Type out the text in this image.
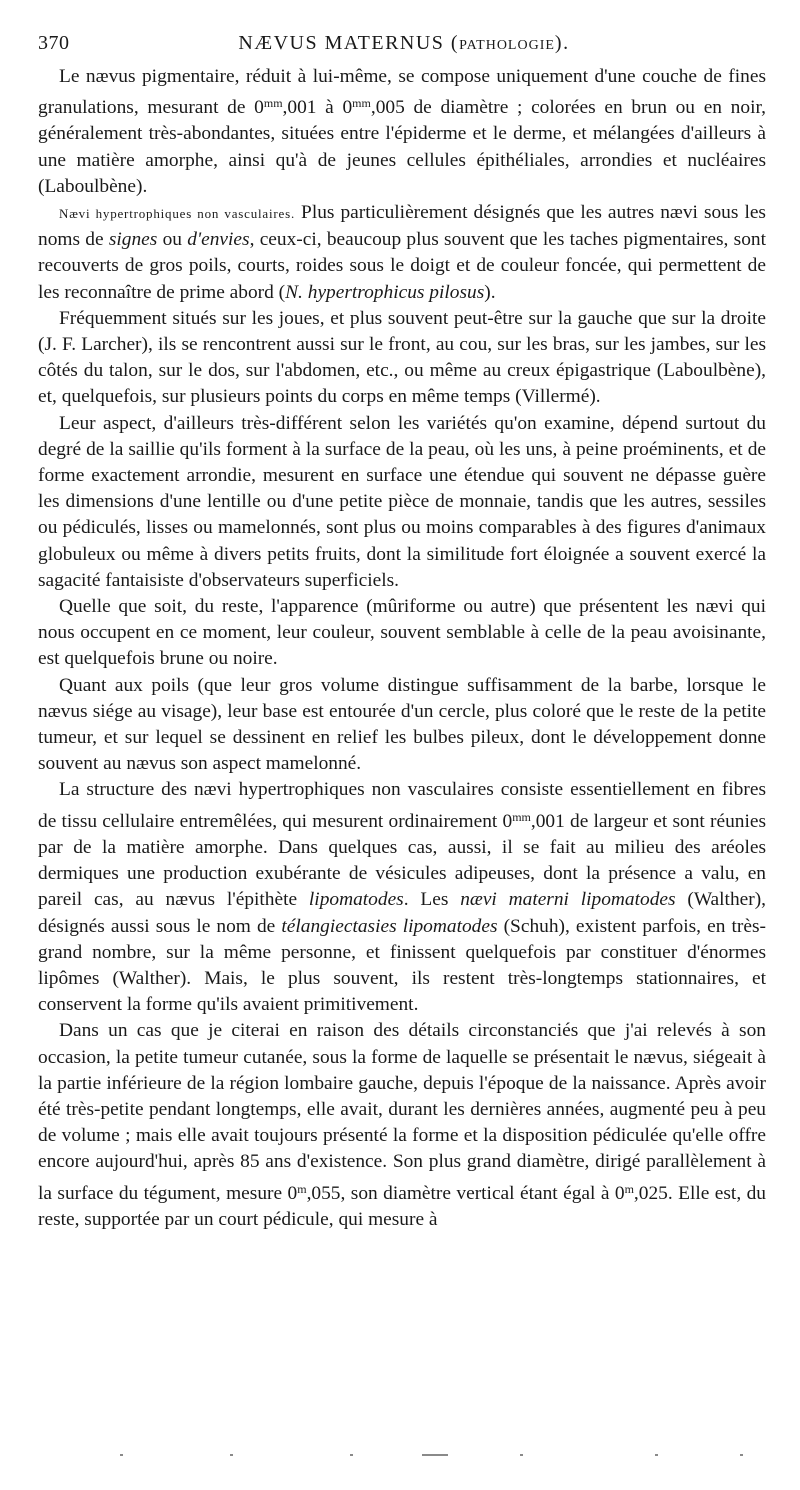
370	NÆVUS MATERNUS (PATHOLOGIE).

Le nævus pigmentaire, réduit à lui-même, se compose uniquement d'une couche de fines granulations, mesurant de $0^{mm},001$ à $0^{mm},005$ de diamètre ; colorées en brun ou en noir, généralement très-abondantes, situées entre l'épiderme et le derme, et mélangées d'ailleurs à une matière amorphe, ainsi qu'à de jeunes cellules épithéliales, arrondies et nucléaires (Laboulbène).

Nævi hypertrophiques non vasculaires. Plus particulièrement désignés que les autres nævi sous les noms de signes ou d'envies, ceux-ci, beaucoup plus souvent que les taches pigmentaires, sont recouverts de gros poils, courts, roides sous le doigt et de couleur foncée, qui permettent de les reconnaître de prime abord (N. hypertrophicus pilosus).

Fréquemment situés sur les joues, et plus souvent peut-être sur la gauche que sur la droite (J. F. Larcher), ils se rencontrent aussi sur le front, au cou, sur les bras, sur les jambes, sur les côtés du talon, sur le dos, sur l'abdomen, etc., ou même au creux épigastrique (Laboulbène), et, quelquefois, sur plusieurs points du corps en même temps (Villermé).

Leur aspect, d'ailleurs très-différent selon les variétés qu'on examine, dépend surtout du degré de la saillie qu'ils forment à la surface de la peau, où les uns, à peine proéminents, et de forme exactement arrondie, mesurent en surface une étendue qui souvent ne dépasse guère les dimensions d'une lentille ou d'une petite pièce de monnaie, tandis que les autres, sessiles ou pédiculés, lisses ou mamelonnés, sont plus ou moins comparables à des figures d'animaux globuleux ou même à divers petits fruits, dont la similitude fort éloignée a souvent exercé la sagacité fantaisiste d'observateurs superficiels.

Quelle que soit, du reste, l'apparence (mûriforme ou autre) que présentent les nævi qui nous occupent en ce moment, leur couleur, souvent semblable à celle de la peau avoisinante, est quelquefois brune ou noire.

Quant aux poils (que leur gros volume distingue suffisamment de la barbe, lorsque le nævus siége au visage), leur base est entourée d'un cercle, plus coloré que le reste de la petite tumeur, et sur lequel se dessinent en relief les bulbes pileux, dont le développement donne souvent au nævus son aspect mamelonné.

La structure des nævi hypertrophiques non vasculaires consiste essentiellement en fibres de tissu cellulaire entremêlées, qui mesurent ordinairement $0^{mm},001$ de largeur et sont réunies par de la matière amorphe. Dans quelques cas, aussi, il se fait au milieu des aréoles dermiques une production exubérante de vésicules adipeuses, dont la présence a valu, en pareil cas, au nævus l'épithète lipomatodes. Les nævi materni lipomatodes (Walther), désignés aussi sous le nom de télangiectasies lipomatodes (Schuh), existent parfois, en très-grand nombre, sur la même personne, et finissent quelquefois par constituer d'énormes lipômes (Walther). Mais, le plus souvent, ils restent très-longtemps stationnaires, et conservent la forme qu'ils avaient primitivement.

Dans un cas que je citerai en raison des détails circonstanciés que j'ai relevés à son occasion, la petite tumeur cutanée, sous la forme de laquelle se présentait le nævus, siégeait à la partie inférieure de la région lombaire gauche, depuis l'époque de la naissance. Après avoir été très-petite pendant longtemps, elle avait, durant les dernières années, augmenté peu à peu de volume ; mais elle avait toujours présenté la forme et la disposition pédiculée qu'elle offre encore aujourd'hui, après 85 ans d'existence. Son plus grand diamètre, dirigé parallèlement à la surface du tégument, mesure 0$^m$,055, son diamètre vertical étant égal à 0$^m$,025. Elle est, du reste, supportée par un court pédicule, qui mesure à
